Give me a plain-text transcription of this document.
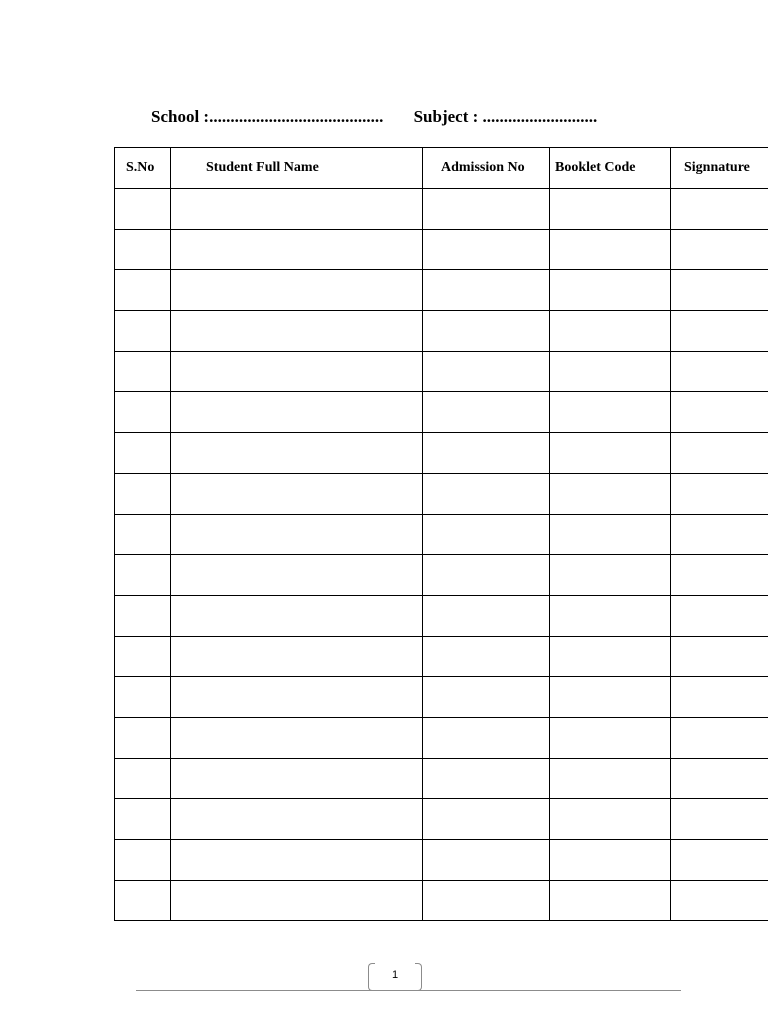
School :......................................... Subject : ...........................
S.No	Student Full Name	Admission No	Booklet Code	Signnature

1
